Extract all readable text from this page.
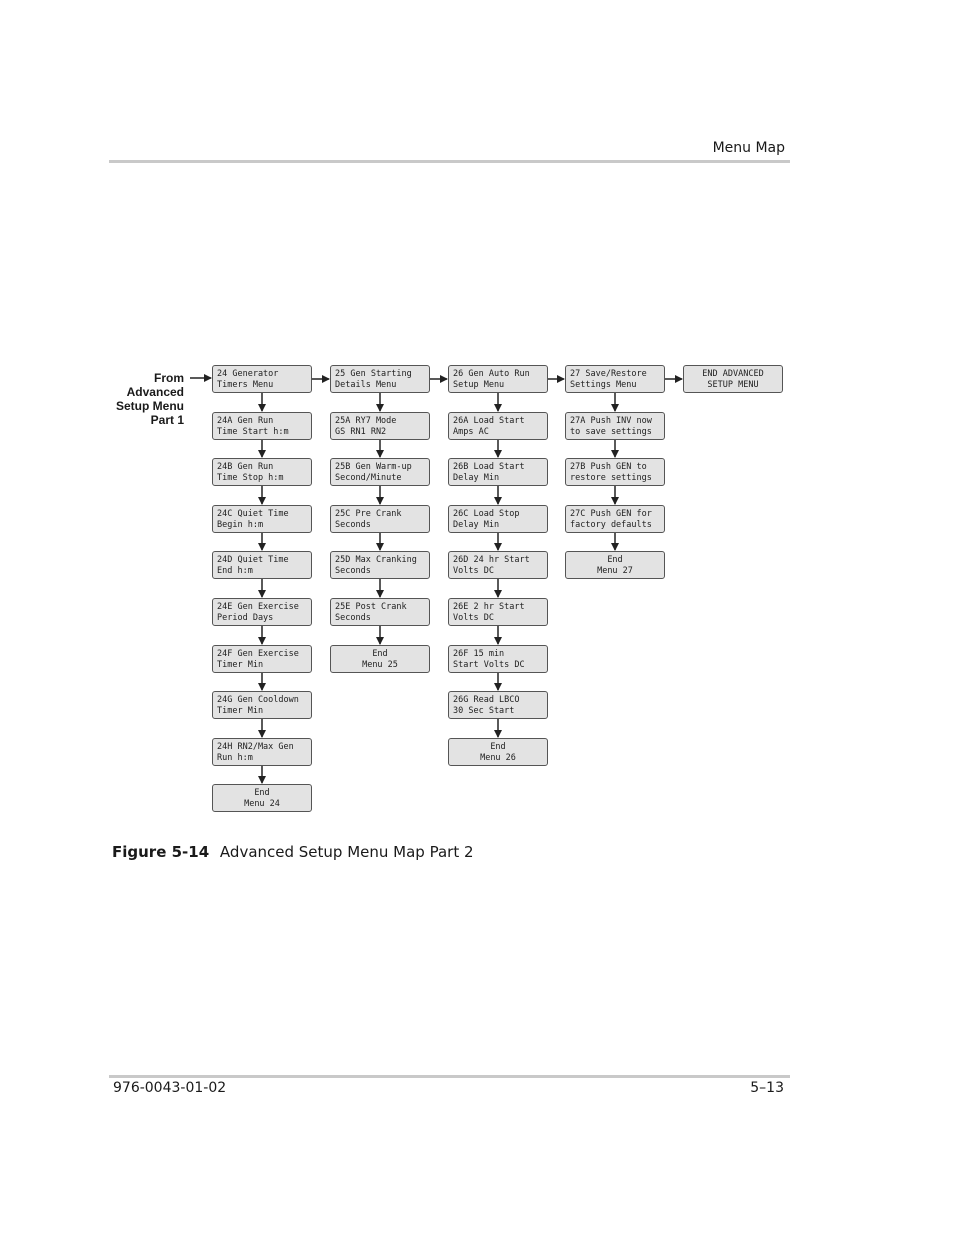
Menu Map
From
Advanced
Setup Menu
Part 1
24 Generator
Timers Menu
24A Gen Run
Time Start h:m
24B Gen Run
Time Stop h:m
24C Quiet Time
Begin h:m
24D Quiet Time
End h:m
24E Gen Exercise
Period Days
24F Gen Exercise
Timer Min
24G Gen Cooldown
Timer Min
24H RN2/Max Gen
Run h:m
End
Menu 24
25 Gen Starting
Details Menu
25A RY7 Mode
GS RN1 RN2
25B Gen Warm-up
Second/Minute
25C Pre Crank
Seconds
25D Max Cranking
Seconds
25E Post Crank
Seconds
End
Menu 25
26 Gen Auto Run
Setup Menu
26A Load Start
Amps AC
26B Load Start
Delay Min
26C Load Stop
Delay Min
26D 24 hr Start
Volts DC
26E 2 hr Start
Volts DC
26F 15 min
Start Volts DC
26G Read LBCO
30 Sec Start
End
Menu 26
27 Save/Restore
Settings Menu
27A Push INV now
to save settings
27B Push GEN to
restore settings
27C Push GEN for
factory defaults
End
Menu 27
END ADVANCED
SETUP MENU
Figure 5-14 Advanced Setup Menu Map Part 2
976-0043-01-02	5–13
